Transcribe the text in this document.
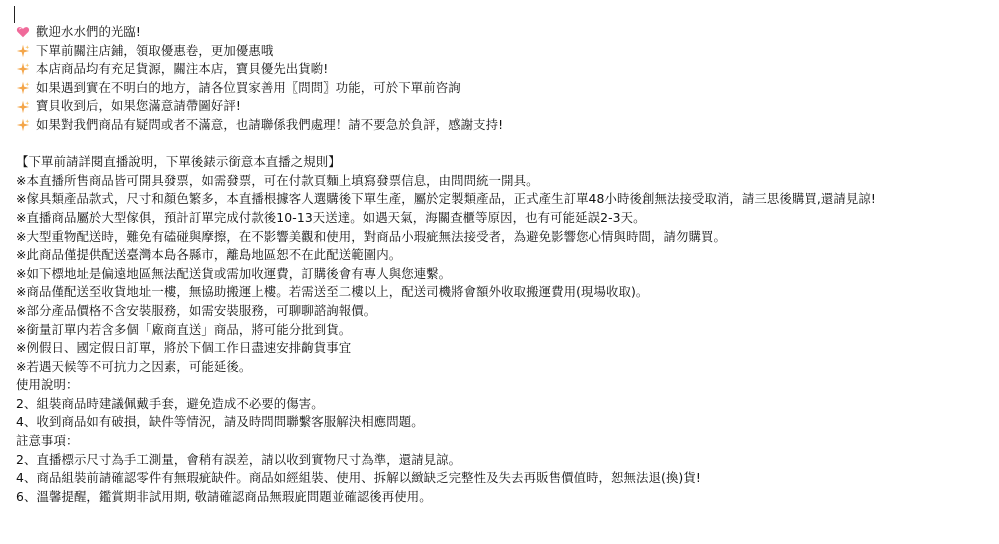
歡迎水水們的光臨!
下單前關注店鋪，領取優惠卷，更加優惠哦
本店商品均有充足貨源，關注本店，寶貝優先出貨喲!
如果遇到實在不明白的地方，請各位買家善用〖問問〗功能，可於下單前咨詢
寶貝收到后，如果您滿意請帶圖好評!
如果對我們商品有疑問或者不滿意，也請聯係我們處理！請不要急於負評，感謝支持!
【下單前請詳閱直播說明，下單後錶示銜意本直播之規則】
※本直播所售商品皆可開具發票，如需發票，可在付款頁麵上填寫發票信息，由問問統一開具。
※傢具類產品款式，尺寸和顏色繁多，本直播根據客人選購後下單生產，屬於定製類產品，正式產生訂單48小時後創無法接受取消，請三思後購買,還請見諒!
※直播商品屬於大型傢俱，預計訂單完成付款後10-13天送達。如遇天氣，海關查櫃等原因，也有可能延誤2-3天。
※大型重物配送時，難免有磕碰與摩擦，在不影響美觀和使用，對商品小瑕疵無法接受者，為避免影響您心情與時間，請勿購買。
※此商品僅提供配送臺灣本島各縣市，離島地區恕不在此配送範圍内。
※如下標地址是偏遠地區無法配送貨或需加收運費，訂購後會有專人與您連繫。
※商品僅配送至收貨地址一樓，無協助搬運上樓。若需送至二樓以上，配送司機將會額外收取搬運費用(現場收取)。
※部分產品價格不含安裝服務，如需安裝服務，可聊聊諮詢報價。
※銜量訂單内若含多個「廠商直送」商品，將可能分批到貨。
※例假日、國定假日訂單，將於下個工作日盡速安排齣貨事宜
※若遇天候等不可抗力之因素，可能延後。
使用說明：
2、組裝商品時建議佩戴手套，避免造成不必要的傷害。
4、收到商品如有破損，缺件等情況，請及時問問聯繫客服解決相應問題。
註意事項：
2、直播標示尺寸為手工測量，會稍有誤差，請以收到實物尺寸為準，還請見諒。
4、商品組裝前請確認零件有無瑕疵缺件。商品如經組裝、使用、拆解以緻缺乏完整性及失去再販售價值時，恕無法退(換)貨!
6、溫馨提醒，鑑賞期非試用期, 敬請確認商品無瑕庛問題並確認後再使用。
